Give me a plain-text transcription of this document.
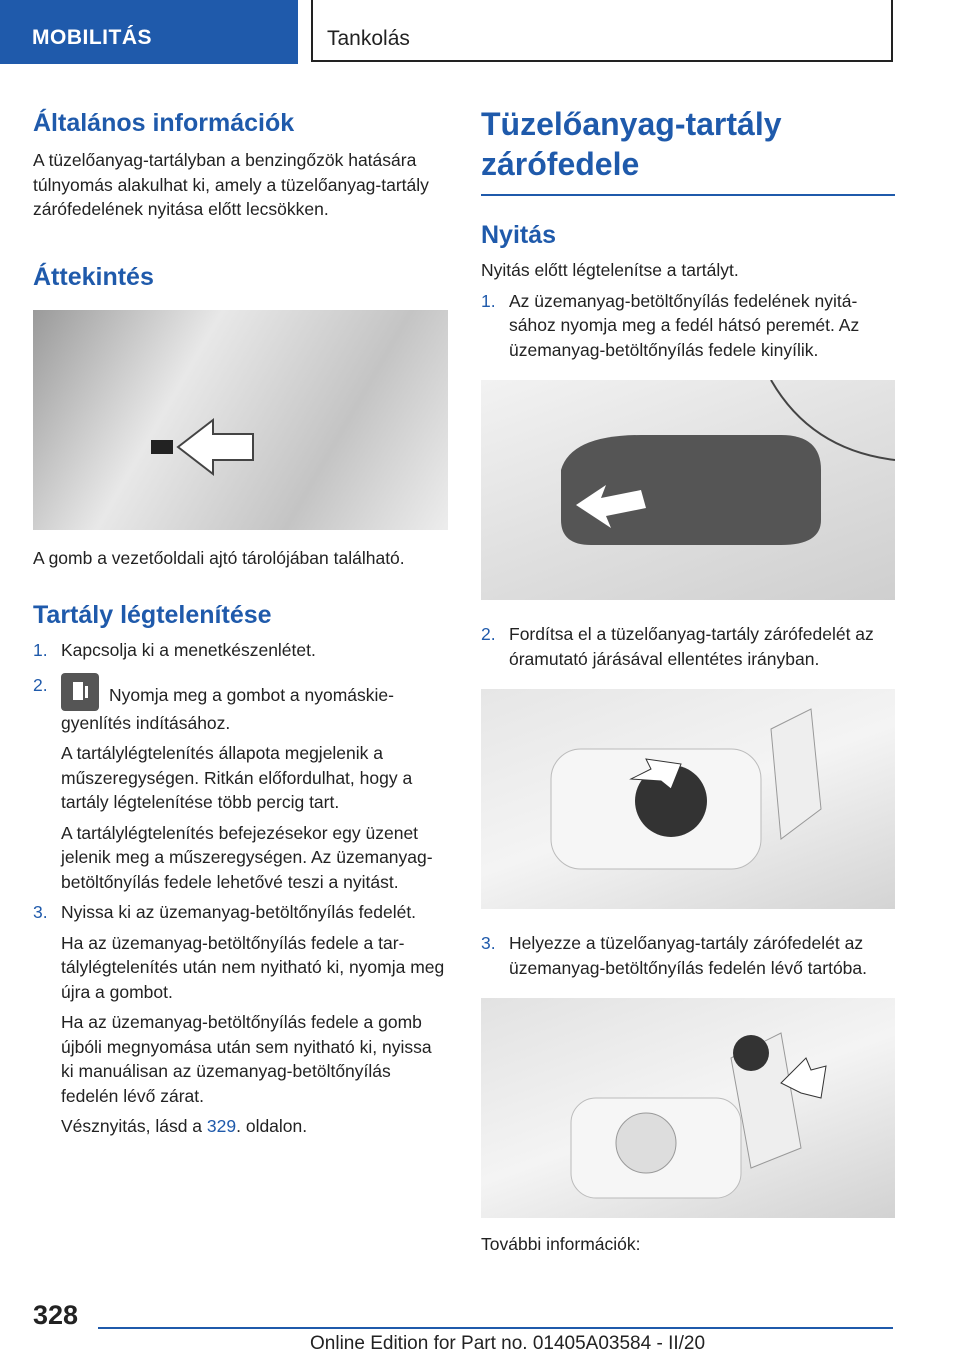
MOBILITÁS	Tankolás
Általános információk

A tüzelőanyag-tartályban a benzingőzök hatására túlnyomás alakulhat ki, amely a tüzelőanyag-tartály zárófedelének nyitása előtt lecsökken.

Áttekintés

A gomb a vezetőoldali ajtó tárolójában található.

Tartály légtelenítése
1. Kapcsolja ki a menetkészenlétet.
2.	Nyomja meg a gombot a nyomáskiegyenlítés indításához.

A tartálylégtelenítés állapota megjelenik a műszeregységen. Ritkán előfordulhat, hogy a tartály légtelenítése több percig tart.

A tartálylégtelenítés befejezésekor egy üzenet jelenik meg a műszeregységen. Az üzemanyag-betöltőnyílás fedele lehetővé teszi a nyitást.

3. Nyissa ki az üzemanyag-betöltőnyílás fedelét.

Ha az üzemanyag-betöltőnyílás fedele a tartálylégtelenítés után nem nyitható ki, nyomja meg újra a gombot.

Ha az üzemanyag-betöltőnyílás fedele a gomb újbóli megnyomása után sem nyitható ki, nyissa ki manuálisan az üzemanyag-betöltőnyílás fedelén lévő zárat.

Vésznyitás, lásd a 329. oldalon.

Tüzelőanyag-tartály zárófedele
Nyitás

Nyitás előtt légtelenítse a tartályt.

1. Az üzemanyag-betöltőnyílás fedelének nyitásához nyomja meg a fedél hátsó peremét. Az üzemanyag-betöltőnyílás fedele kinyílik.
2. Fordítsa el a tüzelőanyag-tartály zárófedelét az óramutató járásával ellentétes irányban.
3. Helyezze a tüzelőanyag-tartály zárófedelét az üzemanyag-betöltőnyílás fedelén lévő tartóba.

További információk:

328
Online Edition for Part no. 01405A03584 - II/20
